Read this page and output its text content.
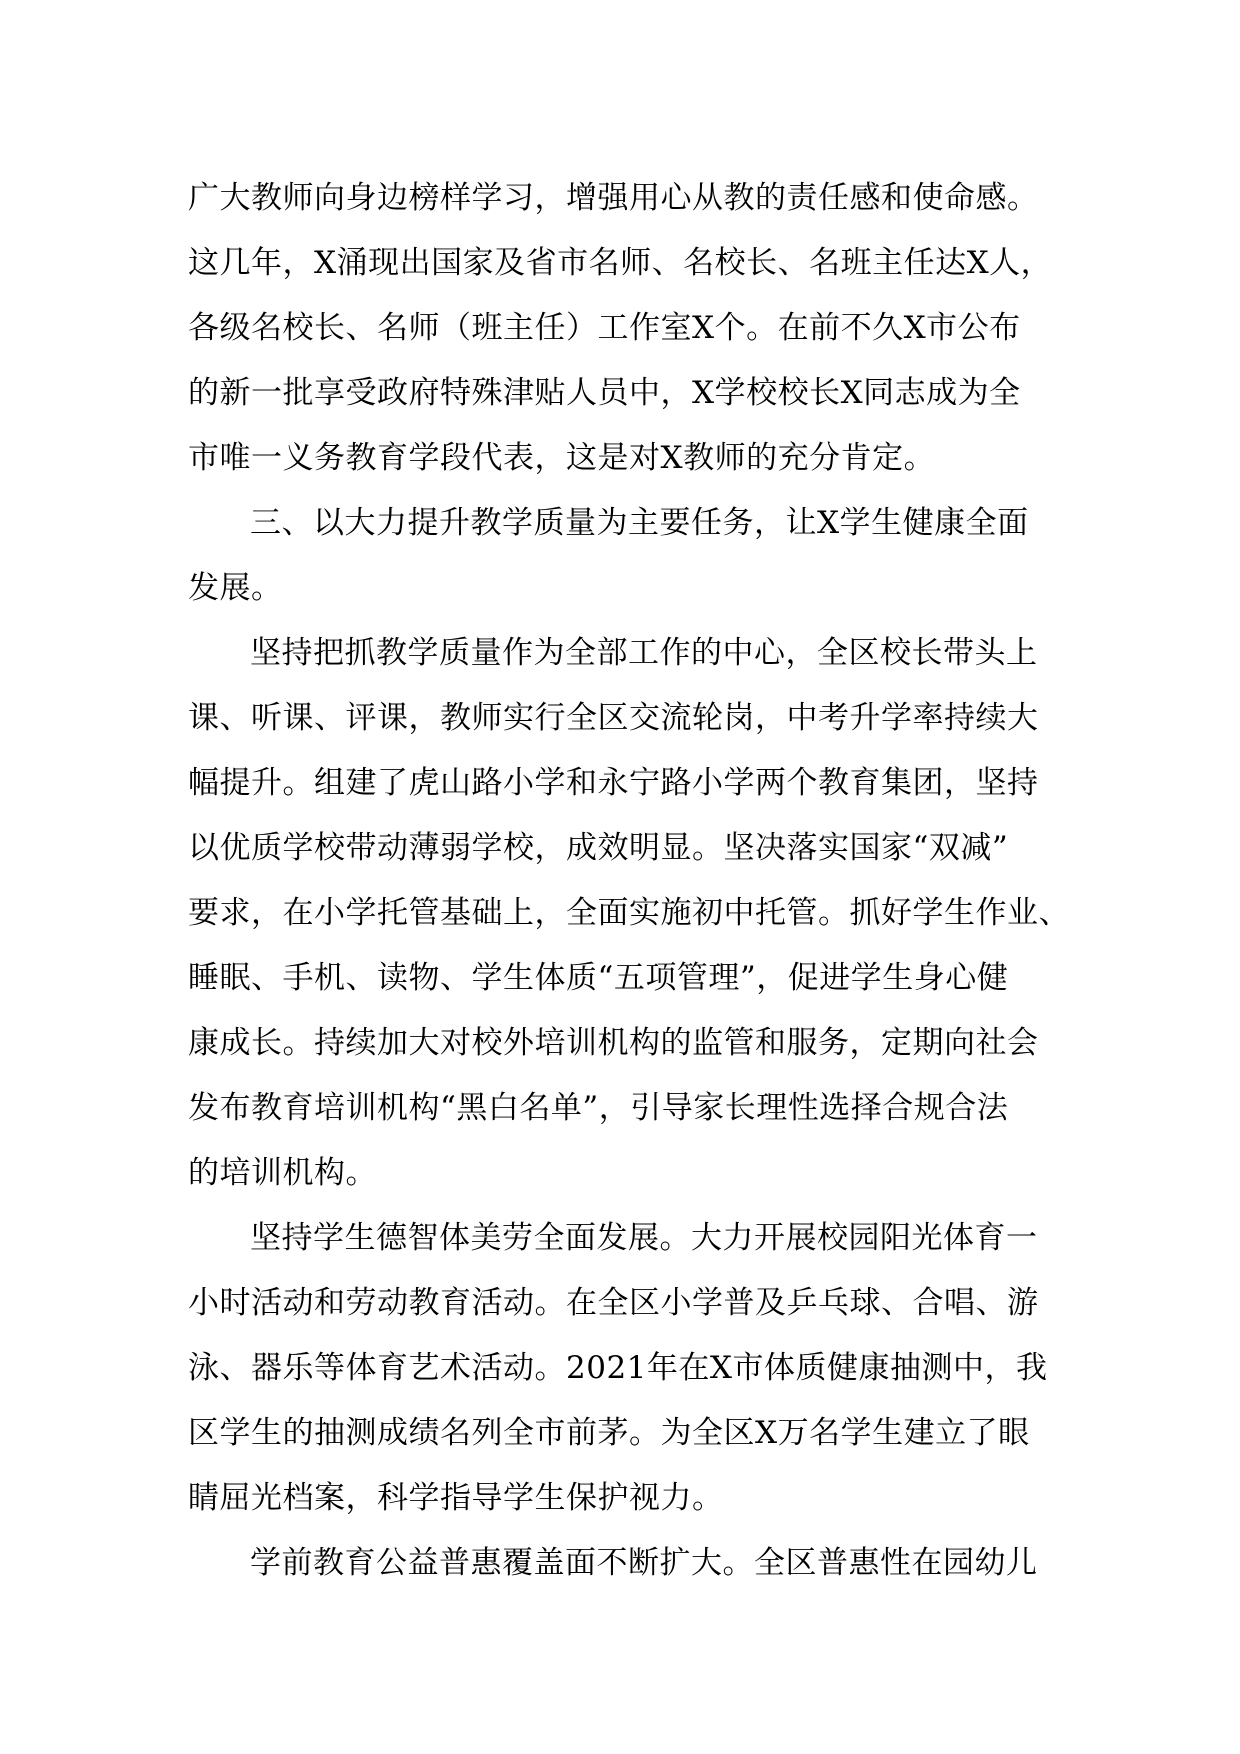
广大教师向身边榜样学习，增强用心从教的责任感和使命感。
这几年，X涌现出国家及省市名师、名校长、名班主任达X人，
各级名校长、名师（班主任）工作室X个。在前不久X市公布
的新一批享受政府特殊津贴人员中，X学校校长X同志成为全
市唯一义务教育学段代表，这是对X教师的充分肯定。
三、以大力提升教学质量为主要任务，让X学生健康全面
发展。
坚持把抓教学质量作为全部工作的中心，全区校长带头上
课、听课、评课，教师实行全区交流轮岗，中考升学率持续大
幅提升。组建了虎山路小学和永宁路小学两个教育集团，坚持
以优质学校带动薄弱学校，成效明显。坚决落实国家“双减”
要求，在小学托管基础上，全面实施初中托管。抓好学生作业、
睡眠、手机、读物、学生体质“五项管理”，促进学生身心健
康成长。持续加大对校外培训机构的监管和服务，定期向社会
发布教育培训机构“黑白名单”，引导家长理性选择合规合法
的培训机构。
坚持学生德智体美劳全面发展。大力开展校园阳光体育一
小时活动和劳动教育活动。在全区小学普及乒乓球、合唱、游
泳、器乐等体育艺术活动。2021年在X市体质健康抽测中，我
区学生的抽测成绩名列全市前茅。为全区X万名学生建立了眼
睛屈光档案，科学指导学生保护视力。
学前教育公益普惠覆盖面不断扩大。全区普惠性在园幼儿
